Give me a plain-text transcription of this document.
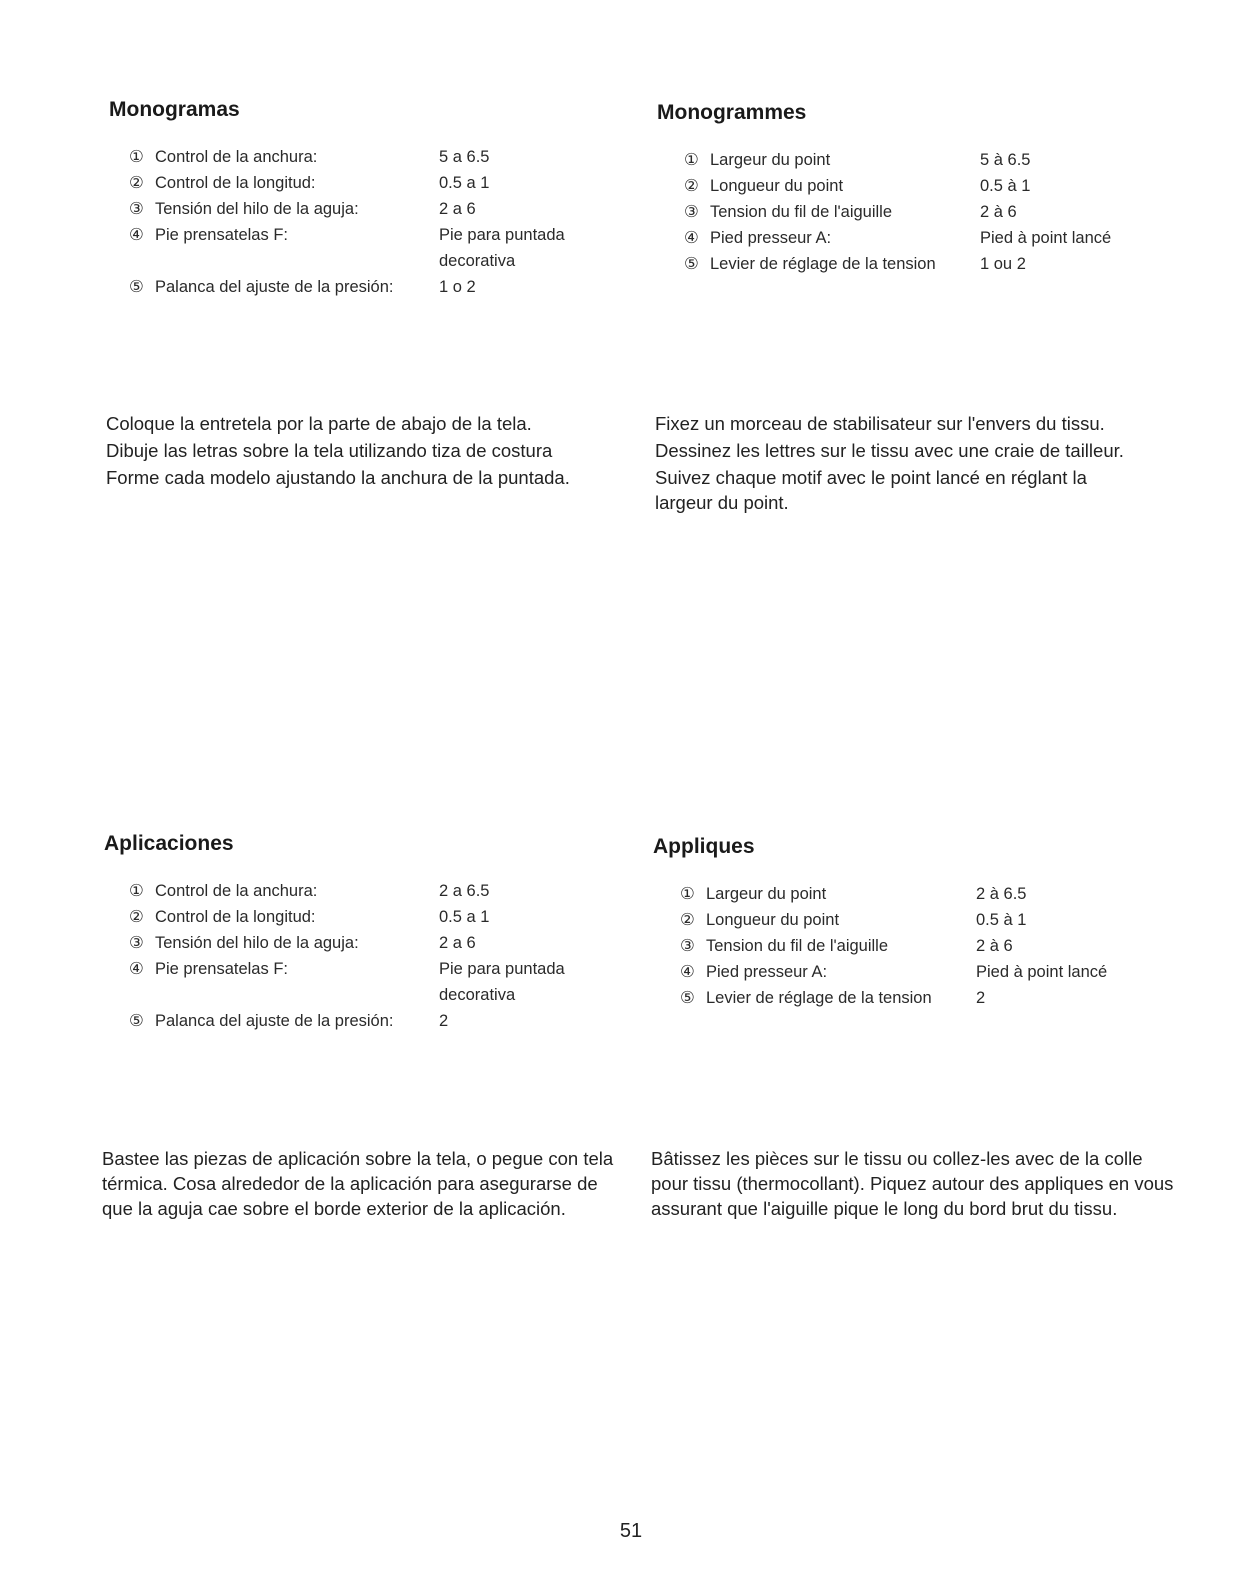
Monogramas
①	Control de la anchura:	5 a 6.5
②	Control de la longitud:	0.5 a 1
③	Tensión del hilo de la aguja:	2 a 6
④	Pie prensatelas F:	Pie para puntada decorativa
⑤	Palanca del ajuste de la presión:	1 o 2
Monogrammes
①	Largeur du point	5 à 6.5
②	Longueur du point	0.5 à 1
③	Tension du fil de l'aiguille	2 à 6
④	Pied presseur A:	Pied à point lancé
⑤	Levier de réglage de la tension	1 ou 2

Coloque la entretela por la parte de abajo de la tela.

Dibuje las letras sobre la tela utilizando tiza de costura

Forme cada modelo ajustando la anchura de la puntada.

Fixez un morceau de stabilisateur sur l'envers du tissu.

Dessinez les lettres sur le tissu avec une craie de tailleur.

Suivez chaque motif avec le point lancé en réglant la largeur du point.

Aplicaciones
①	Control de la anchura:	2 a 6.5
②	Control de la longitud:	0.5 a 1
③	Tensión del hilo de la aguja:	2 a 6
④	Pie prensatelas F:	Pie para puntada decorativa
⑤	Palanca del ajuste de la presión:	2
Appliques
①	Largeur du point	2 à 6.5
②	Longueur du point	0.5 à 1
③	Tension du fil de l'aiguille	2 à 6
④	Pied presseur A:	Pied à point lancé
⑤	Levier de réglage de la tension	2

Bastee las piezas de aplicación sobre la tela, o pegue con tela térmica. Cosa alrededor de la aplicación para asegurarse de que la aguja cae sobre el borde exterior de la aplicación.

Bâtissez les pièces sur le tissu ou collez-les avec de la colle pour tissu (thermocollant). Piquez autour des appliques en vous assurant que l'aiguille pique le long du bord brut du tissu.

51
